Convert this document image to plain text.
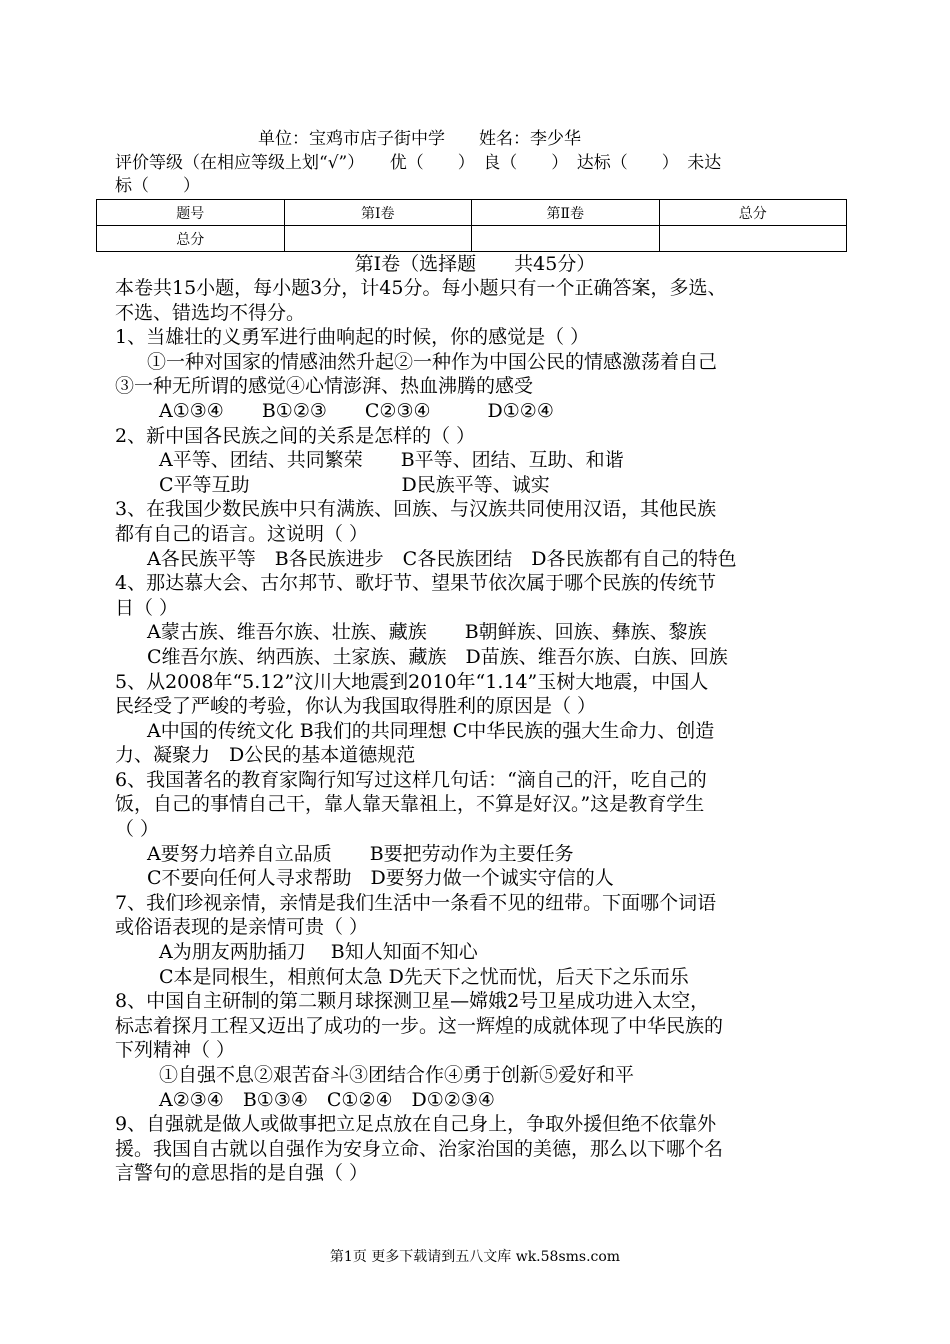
单位：宝鸡市店子街中学　　姓名：李少华
评价等级（在相应等级上划“√”）　　优（　　）　良（　　）　达标（　　）　未达
标（　　）
题号	第Ⅰ卷	第Ⅱ卷	总分
总分			
第Ⅰ卷（选择题　　共45分）
本卷共15小题，每小题3分，计45分。每小题只有一个正确答案，多选、
不选、错选均不得分。
1、当雄壮的义勇军进行曲响起的时候，你的感觉是（ ）
①一种对国家的情感油然升起②一种作为中国公民的情感激荡着自己
③一种无所谓的感觉④心情澎湃、热血沸腾的感受
A①③④　　B①②③　　C②③④　　　D①②④
2、新中国各民族之间的关系是怎样的（ ）
A平等、团结、共同繁荣　　B平等、团结、互助、和谐
C平等互助　　　　　　　　D民族平等、诚实
3、在我国少数民族中只有满族、回族、与汉族共同使用汉语，其他民族
都有自己的语言。这说明（ ）
A各民族平等　B各民族进步　C各民族团结　D各民族都有自己的特色
4、那达慕大会、古尔邦节、歌圩节、望果节依次属于哪个民族的传统节
日（ ）
A蒙古族、维吾尔族、壮族、藏族　　B朝鲜族、回族、彝族、黎族
C维吾尔族、纳西族、土家族、藏族　D苗族、维吾尔族、白族、回族
5、从2008年“5.12”汶川大地震到2010年“1.14”玉树大地震，中国人
民经受了严峻的考验，你认为我国取得胜利的原因是（ ）
A中国的传统文化 B我们的共同理想 C中华民族的强大生命力、创造
力、凝聚力　D公民的基本道德规范
6、我国著名的教育家陶行知写过这样几句话：“滴自己的汗，吃自己的
饭，自己的事情自己干，靠人靠天靠祖上，不算是好汉。”这是教育学生
（ ）
A要努力培养自立品质　　B要把劳动作为主要任务
C不要向任何人寻求帮助　D要努力做一个诚实守信的人
7、我们珍视亲情，亲情是我们生活中一条看不见的纽带。下面哪个词语
或俗语表现的是亲情可贵（ ）
A为朋友两肋插刀　 B知人知面不知心
C本是同根生，相煎何太急 D先天下之忧而忧，后天下之乐而乐
8、中国自主研制的第二颗月球探测卫星—嫦娥2号卫星成功进入太空，
标志着探月工程又迈出了成功的一步。这一辉煌的成就体现了中华民族的
下列精神（ ）
①自强不息②艰苦奋斗③团结合作④勇于创新⑤爱好和平
A②③④　B①③④　C①②④　D①②③④
9、自强就是做人或做事把立足点放在自己身上，争取外援但绝不依靠外
援。我国自古就以自强作为安身立命、治家治国的美德，那么以下哪个名
言警句的意思指的是自强（ ）
第1页 更多下载请到五八文库 wk.58sms.com
